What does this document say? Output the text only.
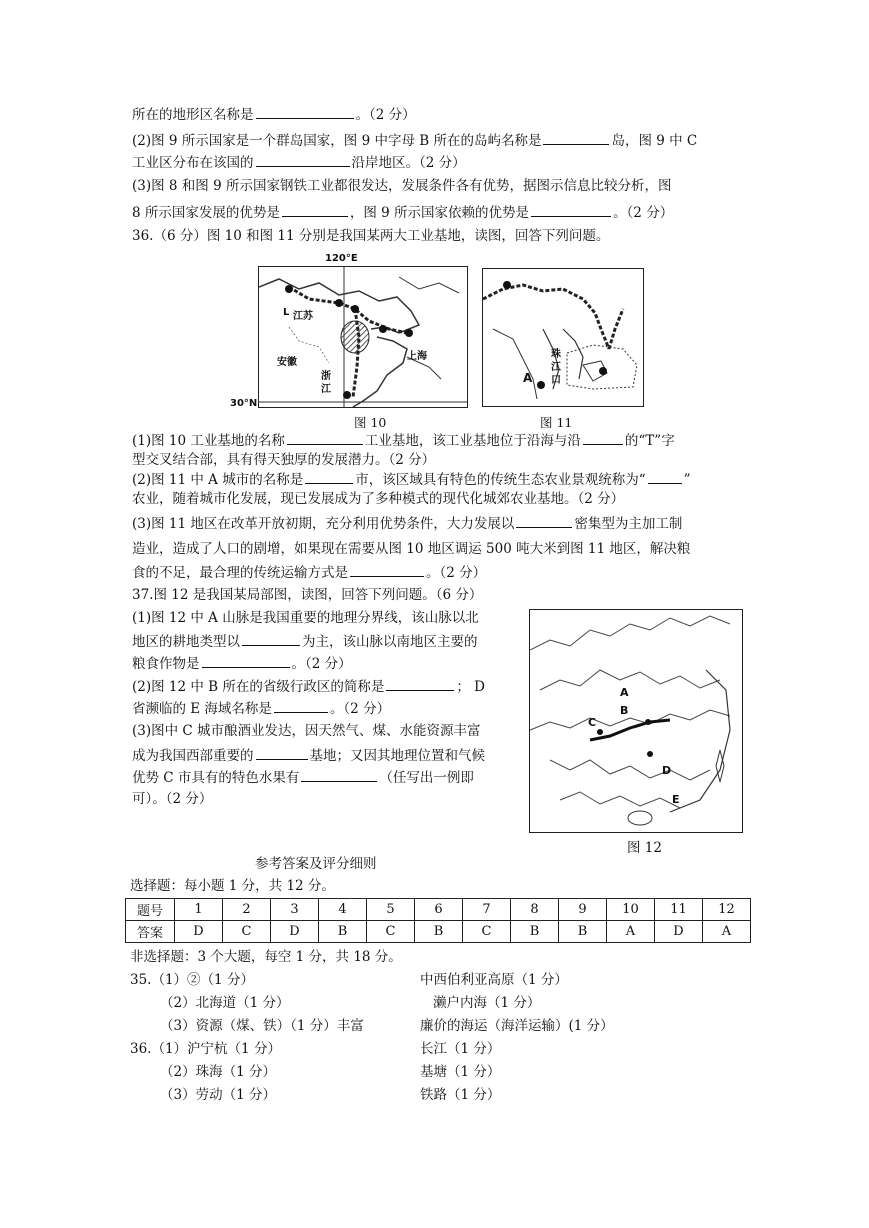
所在的地形区名称是	。（2 分）
(2)图 9 所示国家是一个群岛国家，图 9 中字母 B 所在的岛屿名称是	岛，图 9 中 C
工业区分布在该国的	沿岸地区。（2 分）
(3)图 8 和图 9 所示国家钢铁工业都很发达，发展条件各有优势，据图示信息比较分析，图
8 所示国家发展的优势是	，图 9 所示国家依赖的优势是	。（2 分）
36.（6 分）图 10 和图 11 分别是我国某两大工业基地，读图，回答下列问题。
L 江苏
安徽
上海
浙
江
120°E
30°N
图 10
A
珠
江
口
图 11
(1)图 10 工业基地的名称	工业基地，该工业基地位于沿海与沿	的“T”字
型交叉结合部，具有得天独厚的发展潜力。（2 分）
(2)图 11 中 A 城市的名称是	市，该区域具有特色的传统生态农业景观统称为“	”
农业，随着城市化发展，现已发展成为了多种模式的现代化城郊农业基地。（2 分）
(3)图 11 地区在改革开放初期，充分利用优势条件，大力发展以	密集型为主加工制
造业，造成了人口的剧增，如果现在需要从图 10 地区调运 500 吨大米到图 11 地区，解决粮
食的不足，最合理的传统运输方式是	。（2 分）
37.图 12 是我国某局部图，读图，回答下列问题。（6 分）
(1)图 12 中 A 山脉是我国重要的地理分界线，该山脉以北
地区的耕地类型以	为主，该山脉以南地区主要的
粮食作物是	。（2 分）
(2)图 12 中 B 所在的省级行政区的简称是	； D
省濒临的 E 海域名称是	。（2 分）
(3)图中 C 城市酿酒业发达，因天然气、煤、水能资源丰富
成为我国西部重要的	基地；又因其地理位置和气候
优势 C 市具有的特色水果有	（任写出一例即
可）。（2 分）
A
B
C
D
E
图 12
参考答案及评分细则
选择题：每小题 1 分，共 12 分。
题号	1	2	3	4	5	6	7	8	9	10	11	12
答案	D	C	D	B	C	B	C	B	B	A	D	A
非选择题：3 个大题，每空 1 分，共 18 分。
35.（1）②（1 分）	中西伯利亚高原（1 分）
（2）北海道（1 分）	濑户内海（1 分）
（3）资源（煤、铁）（1 分）丰富	廉价的海运（海洋运输）(1 分）
36.（1）沪宁杭（1 分）	长江（1 分）
（2）珠海（1 分）	基塘（1 分）
（3）劳动（1 分）	铁路（1 分）
